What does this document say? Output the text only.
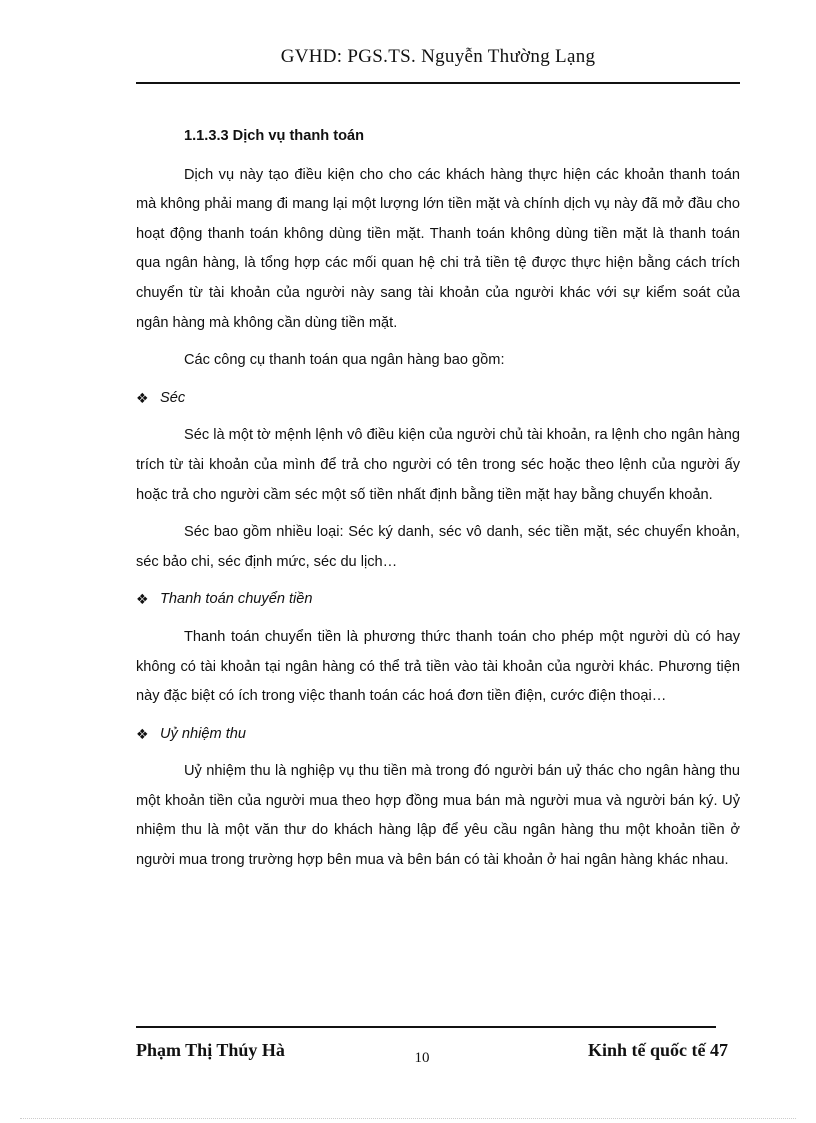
GVHD: PGS.TS. Nguyễn Thường Lạng
1.1.3.3 Dịch vụ thanh toán

Dịch vụ này tạo điều kiện cho cho các khách hàng thực hiện các khoản thanh toán mà không phải mang đi mang lại một lượng lớn tiền mặt và chính dịch vụ này đã mở đầu cho hoạt động thanh toán không dùng tiền mặt. Thanh toán không dùng tiền mặt là thanh toán qua ngân hàng, là tổng hợp các mối quan hệ chi trả tiền tệ được thực hiện bằng cách trích chuyển từ tài khoản của người này sang tài khoản của người khác với sự kiểm soát của ngân hàng mà không cần dùng tiền mặt.

Các công cụ thanh toán qua ngân hàng bao gồm:

❖ Séc

Séc là một tờ mệnh lệnh vô điều kiện của người chủ tài khoản, ra lệnh cho ngân hàng trích từ tài khoản của mình để trả cho người có tên trong séc hoặc theo lệnh của người ấy hoặc trả cho người cầm séc một số tiền nhất định bằng tiền mặt hay bằng chuyển khoản.

Séc bao gồm nhiều loại: Séc ký danh, séc vô danh, séc tiền mặt, séc chuyển khoản, séc bảo chi, séc định mức, séc du lịch…

❖ Thanh toán chuyển tiền

Thanh toán chuyển tiền là phương thức thanh toán cho phép một người dù có hay không có tài khoản tại ngân hàng có thể trả tiền vào tài khoản của người khác. Phương tiện này đặc biệt có ích trong việc thanh toán các hoá đơn tiền điện, cước điện thoại…

❖ Uỷ nhiệm thu

Uỷ nhiệm thu là nghiệp vụ thu tiền mà trong đó người bán uỷ thác cho ngân hàng thu một khoản tiền của người mua theo hợp đồng mua bán mà người mua và người bán ký. Uỷ nhiệm thu là một văn thư do khách hàng lập để yêu cầu ngân hàng thu một khoản tiền ở người mua trong trường hợp bên mua và bên bán có tài khoản ở hai ngân hàng khác nhau.

Phạm Thị Thúy Hà	10	Kinh tế quốc tế 47
